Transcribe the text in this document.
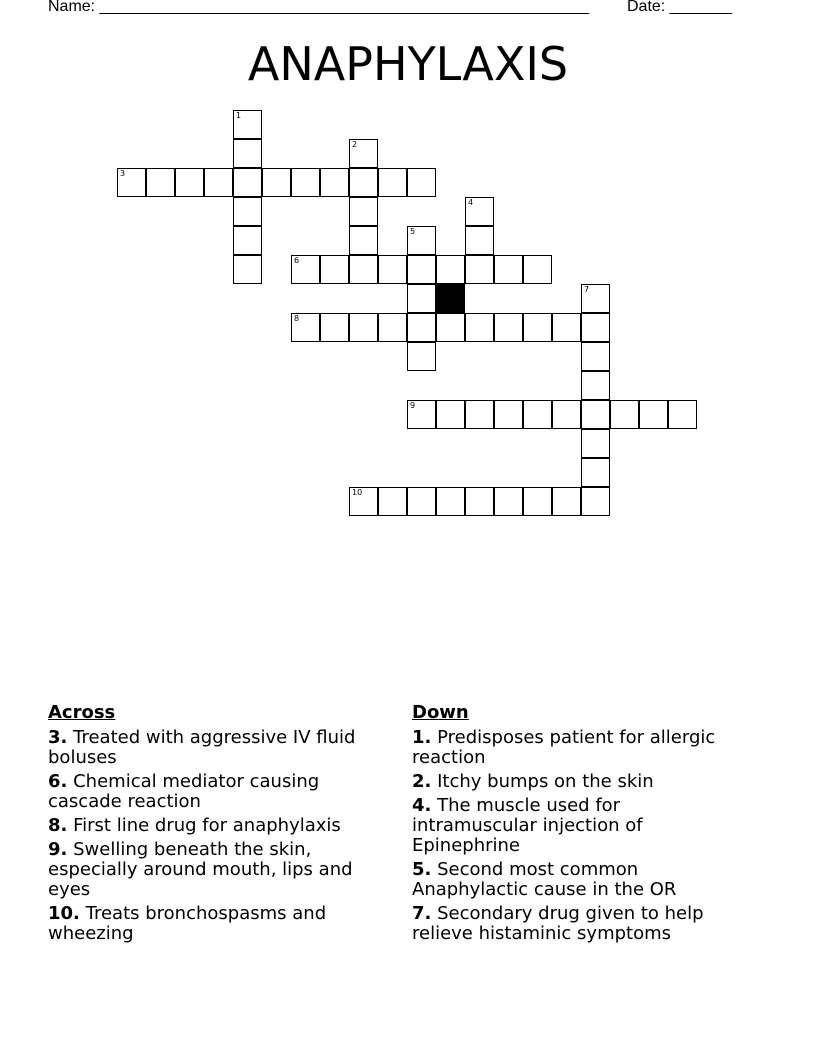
Name: _______________________________________________________ Date: _______
ANAPHYLAXIS
1
2
3
4
5
6
7
8
9
10
Across
3. Treated with aggressive IV fluid boluses
6. Chemical mediator causing cascade reaction
8. First line drug for anaphylaxis
9. Swelling beneath the skin, especially around mouth, lips and eyes
10. Treats bronchospasms and wheezing
Down
1. Predisposes patient for allergic reaction
2. Itchy bumps on the skin
4. The muscle used for intramuscular injection of Epinephrine
5. Second most common Anaphylactic cause in the OR
7. Secondary drug given to help relieve histaminic symptoms
